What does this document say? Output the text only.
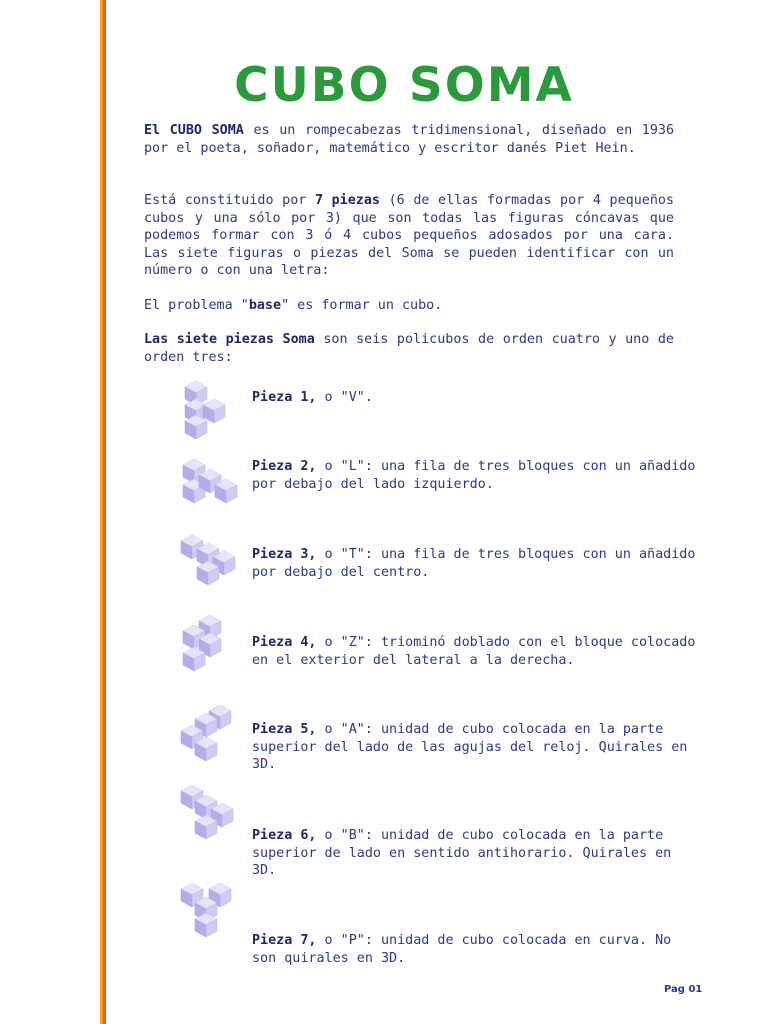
CUBO SOMA

El CUBO SOMA es un rompecabezas tridimensional, diseñado en 1936 por el poeta, soñador, matemático y escritor danés Piet Hein.

Está constituido por 7 piezas (6 de ellas formadas por 4 pequeños cubos y una sólo por 3) que son todas las figuras cóncavas que podemos formar con 3 ó 4 cubos pequeños adosados por una cara. Las siete figuras o piezas del Soma se pueden identificar con un número o con una letra:

El problema "base" es formar un cubo.

Las siete piezas Soma son seis policubos de orden cuatro y uno de orden tres:

Pieza 1, o "V".

Pieza 2, o "L": una fila de tres bloques con un añadido por debajo del lado izquierdo.

Pieza 3, o "T": una fila de tres bloques con un añadido por debajo del centro.

Pieza 4, o "Z": triominó doblado con el bloque colocado en el exterior del lateral a la derecha.

Pieza 5, o "A": unidad de cubo colocada en la parte superior del lado de las agujas del reloj. Quirales en 3D.

Pieza 6, o "B": unidad de cubo colocada en la parte superior de lado en sentido antihorario. Quirales en 3D.

Pieza 7, o "P": unidad de cubo colocada en curva. No son quirales en 3D.

Pag 01
